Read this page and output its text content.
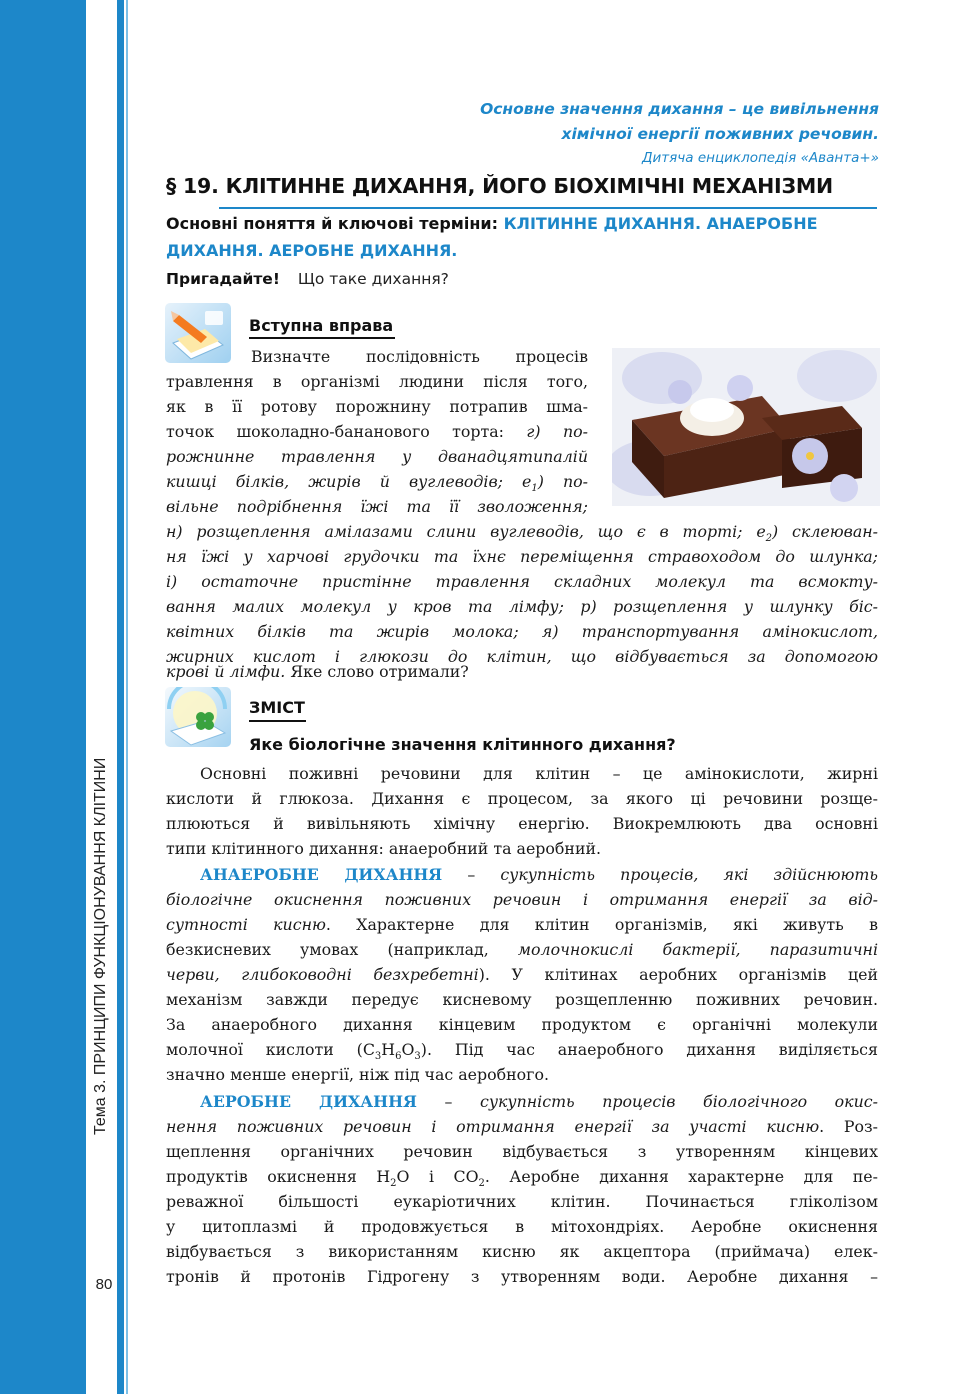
Тема 3. ПРИНЦИПИ ФУНКЦІОНУВАННЯ КЛІТИНИ
80
Основне значення дихання – це вивільнення
хімічної енергії поживних речовин.
Дитяча енциклопедія «Аванта+»
§ 19. КЛІТИННЕ ДИХАННЯ, ЙОГО БІОХІМІЧНІ МЕХАНІЗМИ
Основні поняття й ключові терміни: КЛІТИННЕ ДИХАННЯ. АНАЕРОБНЕ ДИХАННЯ. АЕРОБНЕ ДИХАННЯ.
Пригадайте! Що таке дихання?
Вступна вправа
Визначте послідовність процесів
травлення в організмі людини після того,
як в її ротову порожнину потрапив шма-
точок шоколадно-бананового торта: г) по-
рожнинне травлення у дванадцятипалій
кишці білків, жирів й вуглеводів; $е_1$) по-
вільне подрібнення їжі та її зволоження;
н) розщеплення амілазами слини вуглеводів, що є в торті; $е_2$) склеюван-
ня їжі у харчові грудочки та їхнє переміщення стравоходом до шлунка;
і) остаточне пристінне травлення складних молекул та всмокту-
вання малих молекул у кров та лімфу; р) розщеплення у шлунку біс-
квітних білків та жирів молока; я) транспортування амінокислот,
жирних кислот і глюкози до клітин, що відбувається за допомогою
крові й лімфи. Яке слово отримали?
ЗМІСТ
Яке біологічне значення клітинного дихання?
Основні поживні речовини для клітин – це амінокислоти, жирні
кислоти й глюкоза. Дихання є процесом, за якого ці речовини розще-
плюються й вивільняють хімічну енергію. Виокремлюють два основні
типи клітинного дихання: анаеробний та аеробний.
АНАЕРОБНЕ ДИХАННЯ – сукупність процесів, які здійснюють
біологічне окиснення поживних речовин і отримання енергії за від-
сутності кисню. Характерне для клітин організмів, які живуть в
безкисневих умовах (наприклад, молочнокислі бактерії, паразитичні
черви, глибоководні безхребетні). У клітинах аеробних організмів цей
механізм завжди передує кисневому розщепленню поживних речовин.
За анаеробного дихання кінцевим продуктом є органічні молекули
молочної кислоти $(C_3H_6O_3)$. Під час анаеробного дихання виділяється
значно менше енергії, ніж під час аеробного.
АЕРОБНЕ ДИХАННЯ – сукупність процесів біологічного окис-
нення поживних речовин і отримання енергії за участі кисню. Роз-
щеплення органічних речовин відбувається з утворенням кінцевих
продуктів окиснення $H_2O$ і $CO_2$. Аеробне дихання характерне для пе-
реважної більшості еукаріотичних клітин. Починається гліколізом
у цитоплазмі й продовжується в мітохондріях. Аеробне окиснення
відбувається з використанням кисню як акцептора (приймача) елек-
тронів й протонів Гідрогену з утворенням води. Аеробне дихання –
